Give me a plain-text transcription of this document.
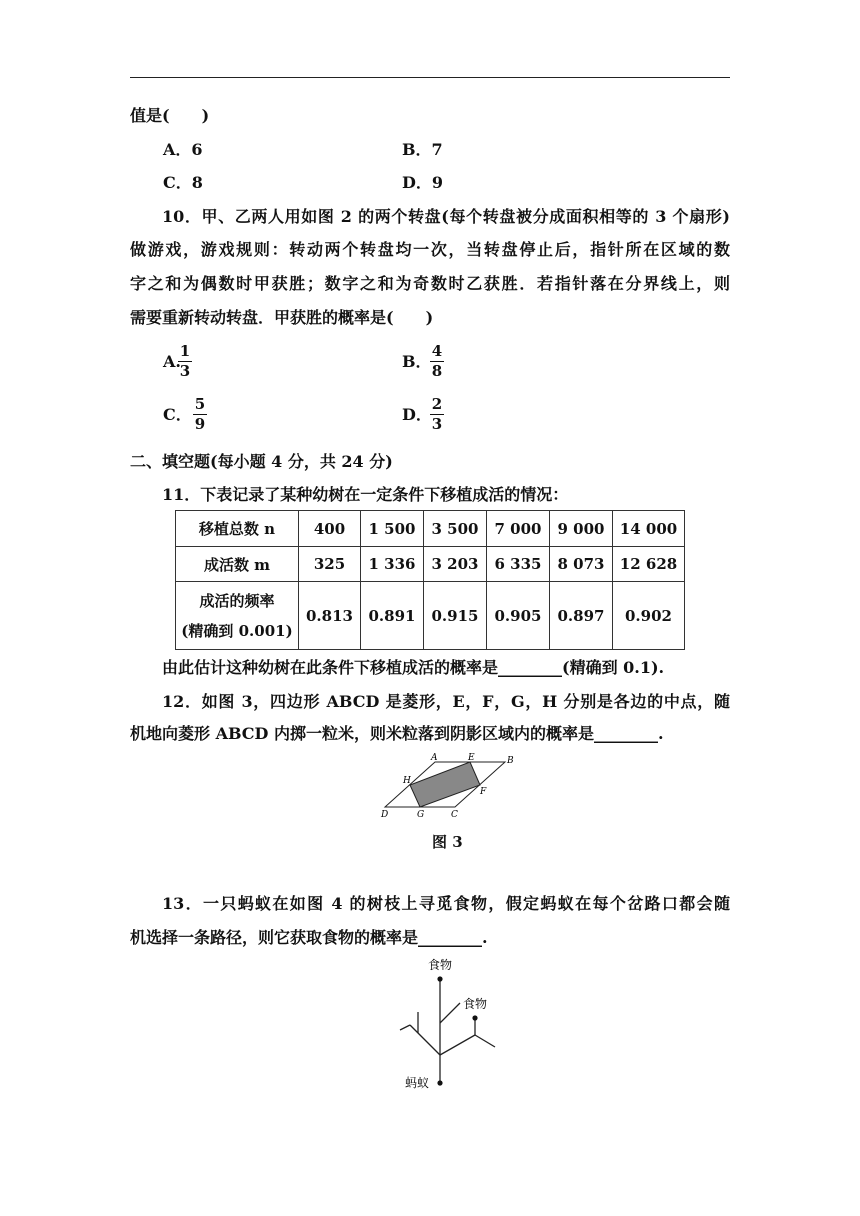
值是(　　)
A．6	B．7
C．8	D．9
10．甲、乙两人用如图 2 的两个转盘(每个转盘被分成面积相等的 3 个扇形)
做游戏，游戏规则：转动两个转盘均一次，当转盘停止后，指针所在区域的数
字之和为偶数时甲获胜；数字之和为奇数时乙获胜．若指针落在分界线上，则
需要重新转动转盘．甲获胜的概率是(　　)
A.
1
3	B．
4
8
C．
5
9	D．
2
3
二、填空题(每小题 4 分，共 24 分)
11．下表记录了某种幼树在一定条件下移植成活的情况：
移植总数 n	400	1 500	3 500	7 000	9 000	14 000
成活数 m	325	1 336	3 203	6 335	8 073	12 628
成活的频率
(精确到 0.001)	0.813	0.891	0.915	0.905	0.897	0.902
由此估计这种幼树在此条件下移植成活的概率是________(精确到 0.1).
12．如图 3，四边形 ABCD 是菱形，E，F，G，H 分别是各边的中点，随
机地向菱形 ABCD 内掷一粒米，则米粒落到阴影区域内的概率是________.
A	B
C
D
E
F
G
H
图 3
13．一只蚂蚁在如图 4 的树枝上寻觅食物，假定蚂蚁在每个岔路口都会随
机选择一条路径，则它获取食物的概率是________.
食物
食物
蚂蚁
